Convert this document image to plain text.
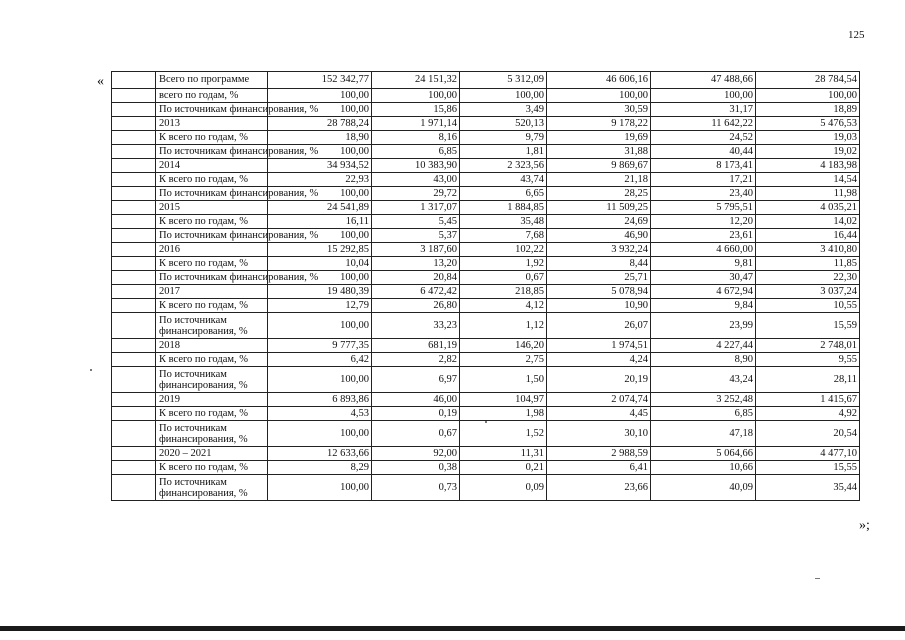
125
«
»;
	Всего по программе	152 342,77	24 151,32	5 312,09	46 606,16	47 488,66	28 784,54
	всего по годам, %	100,00	100,00	100,00	100,00	100,00	100,00
	По источникам финансирования, %	100,00	15,86	3,49	30,59	31,17	18,89
	2013	28 788,24	1 971,14	520,13	9 178,22	11 642,22	5 476,53
	К всего по годам, %	18,90	8,16	9,79	19,69	24,52	19,03
	По источникам финансирования, %	100,00	6,85	1,81	31,88	40,44	19,02
	2014	34 934,52	10 383,90	2 323,56	9 869,67	8 173,41	4 183,98
	К всего по годам, %	22,93	43,00	43,74	21,18	17,21	14,54
	По источникам финансирования, %	100,00	29,72	6,65	28,25	23,40	11,98
	2015	24 541,89	1 317,07	1 884,85	11 509,25	5 795,51	4 035,21
	К всего по годам, %	16,11	5,45	35,48	24,69	12,20	14,02
	По источникам финансирования, %	100,00	5,37	7,68	46,90	23,61	16,44
	2016	15 292,85	3 187,60	102,22	3 932,24	4 660,00	3 410,80
	К всего по годам, %	10,04	13,20	1,92	8,44	9,81	11,85
	По источникам финансирования, %	100,00	20,84	0,67	25,71	30,47	22,30
	2017	19 480,39	6 472,42	218,85	5 078,94	4 672,94	3 037,24
	К всего по годам, %	12,79	26,80	4,12	10,90	9,84	10,55
	По источникам финансирования, %	100,00	33,23	1,12	26,07	23,99	15,59
	2018	9 777,35	681,19	146,20	1 974,51	4 227,44	2 748,01
	К всего по годам, %	6,42	2,82	2,75	4,24	8,90	9,55
	По источникам финансирования, %	100,00	6,97	1,50	20,19	43,24	28,11
	2019	6 893,86	46,00	104,97	2 074,74	3 252,48	1 415,67
	К всего по годам, %	4,53	0,19	1,98	4,45	6,85	4,92
	По источникам финансирования, %	100,00	0,67	1,52	30,10	47,18	20,54
	2020 – 2021	12 633,66	92,00	11,31	2 988,59	5 064,66	4 477,10
	К всего по годам, %	8,29	0,38	0,21	6,41	10,66	15,55
	По источникам финансирования, %	100,00	0,73	0,09	23,66	40,09	35,44
